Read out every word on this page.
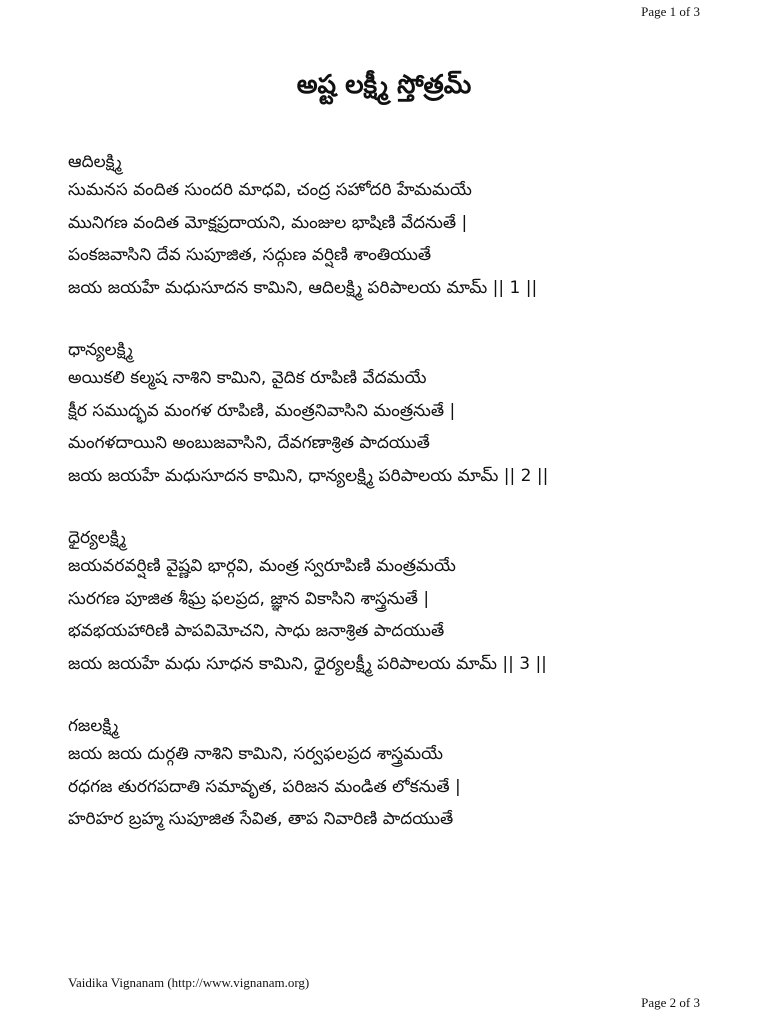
Page 1 of 3
అష్ట లక్ష్మీ స్తోత్రమ్
ఆదిలక్ష్మి
సుమనస వందిత సుందరి మాధవి, చంద్ర సహోదరి హేమమయే
మునిగణ వందిత మోక్షప్రదాయని, మంజుల భాషిణి వేదనుతే |
పంకజవాసిని దేవ సుపూజిత, సద్గుణ వర్షిణి శాంతియుతే
జయ జయహే మధుసూదన కామిని, ఆదిలక్ష్మి పరిపాలయ మామ్ || 1 ||
ధాన్యలక్ష్మి
అయికలి కల్మష నాశిని కామిని, వైదిక రూపిణి వేదమయే
క్షీర సముద్భవ మంగళ రూపిణి, మంత్రనివాసిని మంత్రనుతే |
మంగళదాయిని అంబుజవాసిని, దేవగణాశ్రిత పాదయుతే
జయ జయహే మధుసూదన కామిని, ధాన్యలక్ష్మి పరిపాలయ మామ్ || 2 ||
ధైర్యలక్ష్మి
జయవరవర్షిణి వైష్ణవి భార్గవి, మంత్ర స్వరూపిణి మంత్రమయే
సురగణ పూజిత శీఘ్ర ఫలప్రద, జ్ఞాన వికాసిని శాస్త్రనుతే |
భవభయహారిణి పాపవిమోచని, సాధు జనాశ్రిత పాదయుతే
జయ జయహే మధు సూధన కామిని, ధైర్యలక్ష్మీ పరిపాలయ మామ్ || 3 ||
గజలక్ష్మి
జయ జయ దుర్గతి నాశిని కామిని, సర్వఫలప్రద శాస్త్రమయే
రధగజ తురగపదాతి సమావృత, పరిజన మండిత లోకనుతే |
హరిహర బ్రహ్మ సుపూజిత సేవిత, తాప నివారిణి పాదయుతే
Vaidika Vignanam (http://www.vignanam.org)
Page 2 of 3
